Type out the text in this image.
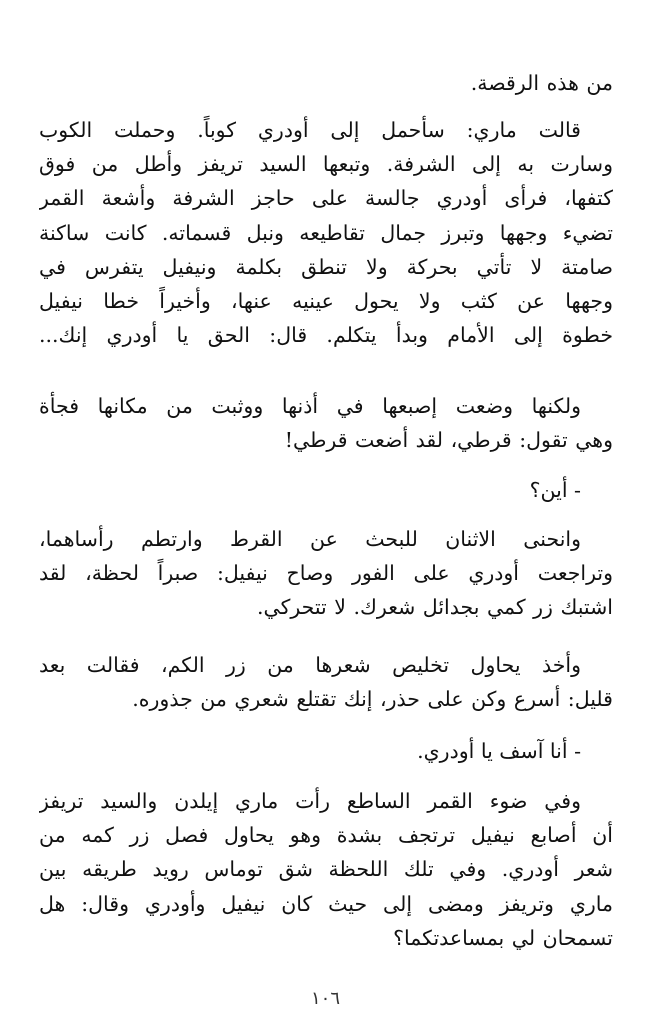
من هذه الرقصة.

قالت ماري: سأحمل إلى أودري كوباً. وحملت الكوب
وسارت به إلى الشرفة. وتبعها السيد تريفز وأطل من فوق
كتفها، فرأى أودري جالسة على حاجز الشرفة وأشعة القمر
تضيء وجهها وتبرز جمال تقاطيعه ونبل قسماته. كانت ساكنة
صامتة لا تأتي بحركة ولا تنطق بكلمة ونيفيل يتفرس في
وجهها عن كثب ولا يحول عينيه عنها، وأخيراً خطا نيفيل
خطوة إلى الأمام وبدأ يتكلم. قال: الحق يا أودري إنك...

ولكنها وضعت إصبعها في أذنها ووثبت من مكانها فجأة
وهي تقول: قرطي، لقد أضعت قرطي!

- أين؟

وانحنى الاثنان للبحث عن القرط وارتطم رأساهما،
وتراجعت أودري على الفور وصاح نيفيل: صبراً لحظة، لقد
اشتبك زر كمي بجدائل شعرك. لا تتحركي.

وأخذ يحاول تخليص شعرها من زر الكم، فقالت بعد
قليل: أسرع وكن على حذر، إنك تقتلع شعري من جذوره.

- أنا آسف يا أودري.

وفي ضوء القمر الساطع رأت ماري إيلدن والسيد تريفز
أن أصابع نيفيل ترتجف بشدة وهو يحاول فصل زر كمه من
شعر أودري. وفي تلك اللحظة شق توماس رويد طريقه بين
ماري وتريفز ومضى إلى حيث كان نيفيل وأودري وقال: هل
تسمحان لي بمساعدتكما؟

١٠٦
